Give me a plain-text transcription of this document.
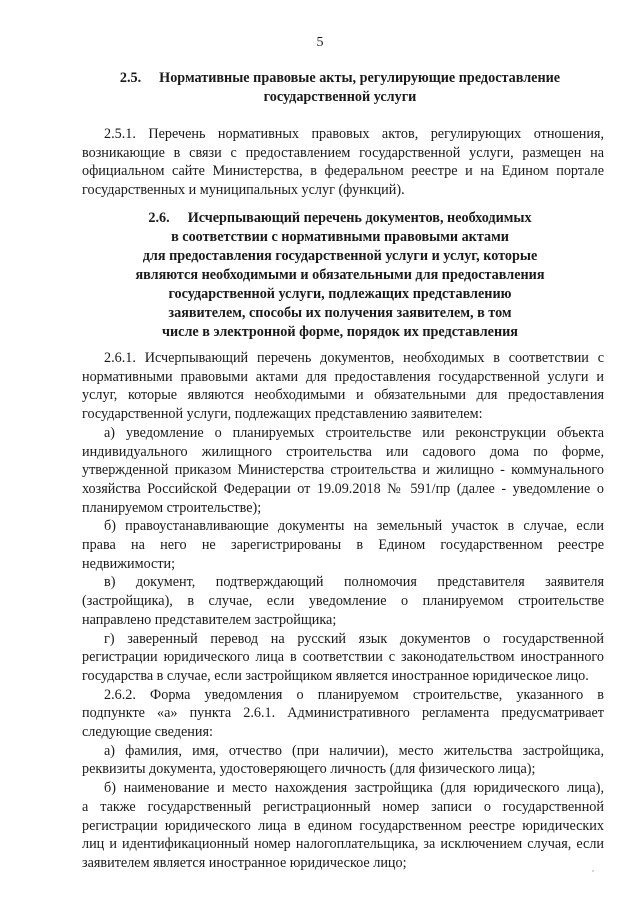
5
2.5. Нормативные правовые акты, регулирующие предоставление
государственной услуги
2.5.1. Перечень нормативных правовых актов, регулирующих отношения,
возникающие в связи с предоставлением государственной услуги, размещен на
официальном сайте Министерства, в федеральном реестре и на Едином портале
государственных и муниципальных услуг (функций).
2.6. Исчерпывающий перечень документов, необходимых
в соответствии с нормативными правовыми актами
для предоставления государственной услуги и услуг, которые
являются необходимыми и обязательными для предоставления
государственной услуги, подлежащих представлению
заявителем, способы их получения заявителем, в том
числе в электронной форме, порядок их представления
2.6.1. Исчерпывающий перечень документов, необходимых в соответствии с
нормативными правовыми актами для предоставления государственной услуги и
услуг, которые являются необходимыми и обязательными для предоставления
государственной услуги, подлежащих представлению заявителем:
а) уведомление о планируемых строительстве или реконструкции объекта
индивидуального жилищного строительства или садового дома по форме,
утвержденной приказом Министерства строительства и жилищно - коммунального
хозяйства Российской Федерации от 19.09.2018 № 591/пр (далее - уведомление о
планируемом строительстве);
б) правоустанавливающие документы на земельный участок в случае, если
права на него не зарегистрированы в Едином государственном реестре
недвижимости;
в) документ, подтверждающий полномочия представителя заявителя
(застройщика), в случае, если уведомление о планируемом строительстве
направлено представителем застройщика;
г) заверенный перевод на русский язык документов о государственной
регистрации юридического лица в соответствии с законодательством иностранного
государства в случае, если застройщиком является иностранное юридическое лицо.
2.6.2. Форма уведомления о планируемом строительстве, указанного в
подпункте «а» пункта 2.6.1. Административного регламента предусматривает
следующие сведения:
а) фамилия, имя, отчество (при наличии), место жительства застройщика,
реквизиты документа, удостоверяющего личность (для физического лица);
б) наименование и место нахождения застройщика (для юридического лица),
а также государственный регистрационный номер записи о государственной
регистрации юридического лица в едином государственном реестре юридических
лиц и идентификационный номер налогоплательщика, за исключением случая, если
заявителем является иностранное юридическое лицо;
